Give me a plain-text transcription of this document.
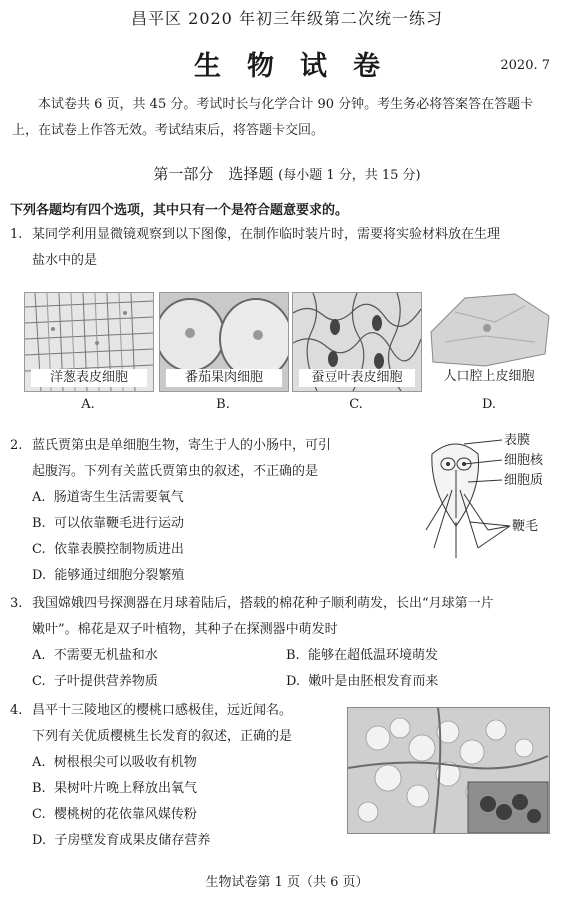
昌平区 2020 年初三年级第二次统一练习
生物试卷	2020. 7
本试卷共 6 页，共 45 分。考试时长与化学合计 90 分钟。考生务必将答案答在答题卡上，在试卷上作答无效。考试结束后，将答题卡交回。
第一部分　选择题 (每小题 1 分，共 15 分)
下列各题均有四个选项，其中只有一个是符合题意要求的。
1. 某同学利用显微镜观察到以下图像，在制作临时装片时，需要将实验材料放在生理
盐水中的是
洋葱表皮细胞	番茄果肉细胞	蚕豆叶表皮细胞	人口腔上皮细胞
A.	B.	C.	D.
2. 蓝氏贾第虫是单细胞生物，寄生于人的小肠中，可引
起腹泻。下列有关蓝氏贾第虫的叙述，不正确的是
A. 肠道寄生生活需要氧气
B. 可以依靠鞭毛进行运动
C. 依靠表膜控制物质进出
D. 能够通过细胞分裂繁殖
表膜
细胞核
细胞质
鞭毛
3. 我国嫦娥四号探测器在月球着陆后，搭载的棉花种子顺利萌发，长出“月球第一片
嫩叶”。棉花是双子叶植物，其种子在探测器中萌发时
A. 不需要无机盐和水	B. 能够在超低温环境萌发
C. 子叶提供营养物质	D. 嫩叶是由胚根发育而来
4. 昌平十三陵地区的樱桃口感极佳，远近闻名。
下列有关优质樱桃生长发育的叙述，正确的是
A. 树根根尖可以吸收有机物
B. 果树叶片晚上释放出氧气
C. 樱桃树的花依靠风媒传粉
D. 子房壁发育成果皮储存营养
生物试卷第 1 页（共 6 页）
